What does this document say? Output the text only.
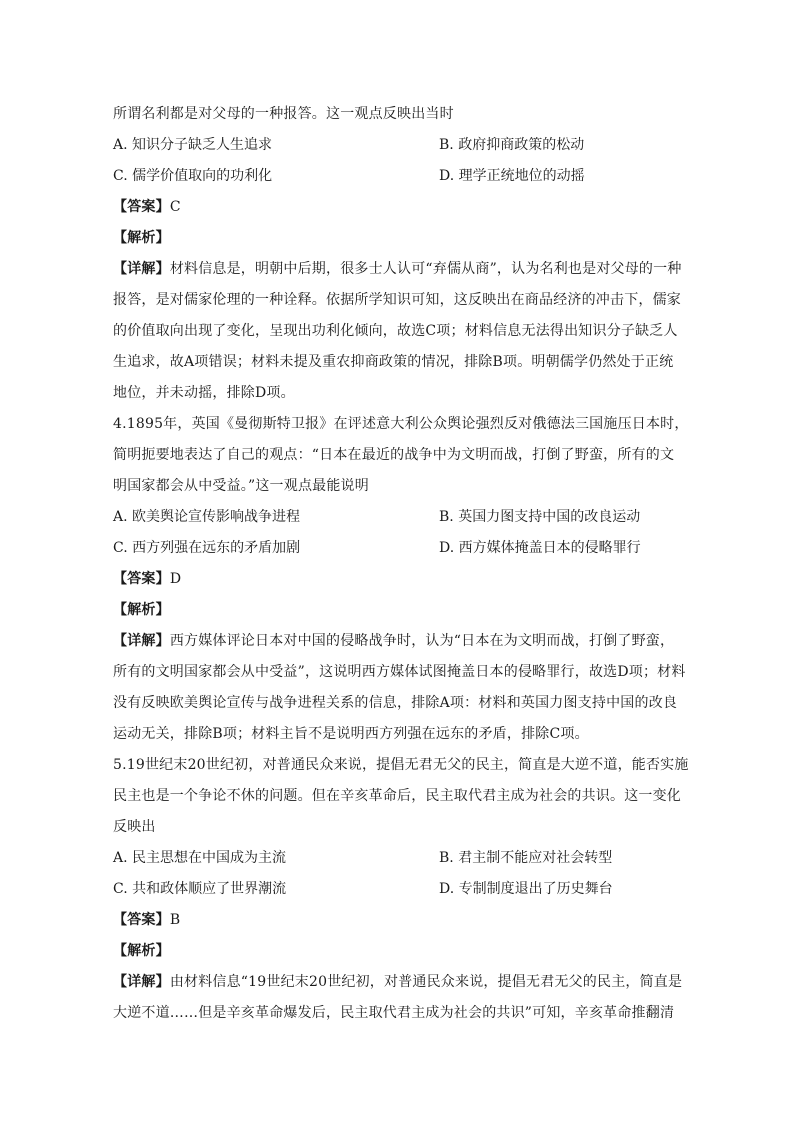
所谓名利都是对父母的一种报答。这一观点反映出当时
A. 知识分子缺乏人生追求	B. 政府抑商政策的松动
C. 儒学价值取向的功利化	D. 理学正统地位的动摇
【答案】C
【解析】
【详解】材料信息是，明朝中后期，很多士人认可“弃儒从商”，认为名利也是对父母的一种
报答，是对儒家伦理的一种诠释。依据所学知识可知，这反映出在商品经济的冲击下，儒家
的价值取向出现了变化，呈现出功利化倾向，故选C项；材料信息无法得出知识分子缺乏人
生追求，故A项错误；材料未提及重农抑商政策的情况，排除B项。明朝儒学仍然处于正统
地位，并未动摇，排除D项。
4.1895年，英国《曼彻斯特卫报》在评述意大利公众舆论强烈反对俄德法三国施压日本时，
简明扼要地表达了自己的观点：“日本在最近的战争中为文明而战，打倒了野蛮，所有的文
明国家都会从中受益。”这一观点最能说明
A. 欧美舆论宣传影响战争进程	B. 英国力图支持中国的改良运动
C. 西方列强在远东的矛盾加剧	D. 西方媒体掩盖日本的侵略罪行
【答案】D
【解析】
【详解】西方媒体评论日本对中国的侵略战争时，认为“日本在为文明而战，打倒了野蛮，
所有的文明国家都会从中受益”，这说明西方媒体试图掩盖日本的侵略罪行，故选D项；材料
没有反映欧美舆论宣传与战争进程关系的信息，排除A项：材料和英国力图支持中国的改良
运动无关，排除B项；材料主旨不是说明西方列强在远东的矛盾，排除C项。
5.19世纪末20世纪初，对普通民众来说，提倡无君无父的民主，简直是大逆不道，能否实施
民主也是一个争论不休的问题。但在辛亥革命后，民主取代君主成为社会的共识。这一变化
反映出
A. 民主思想在中国成为主流	B. 君主制不能应对社会转型
C. 共和政体顺应了世界潮流	D. 专制制度退出了历史舞台
【答案】B
【解析】
【详解】由材料信息“19世纪末20世纪初，对普通民众来说，提倡无君无父的民主，简直是
大逆不道……但是辛亥革命爆发后，民主取代君主成为社会的共识”可知，辛亥革命推翻清
